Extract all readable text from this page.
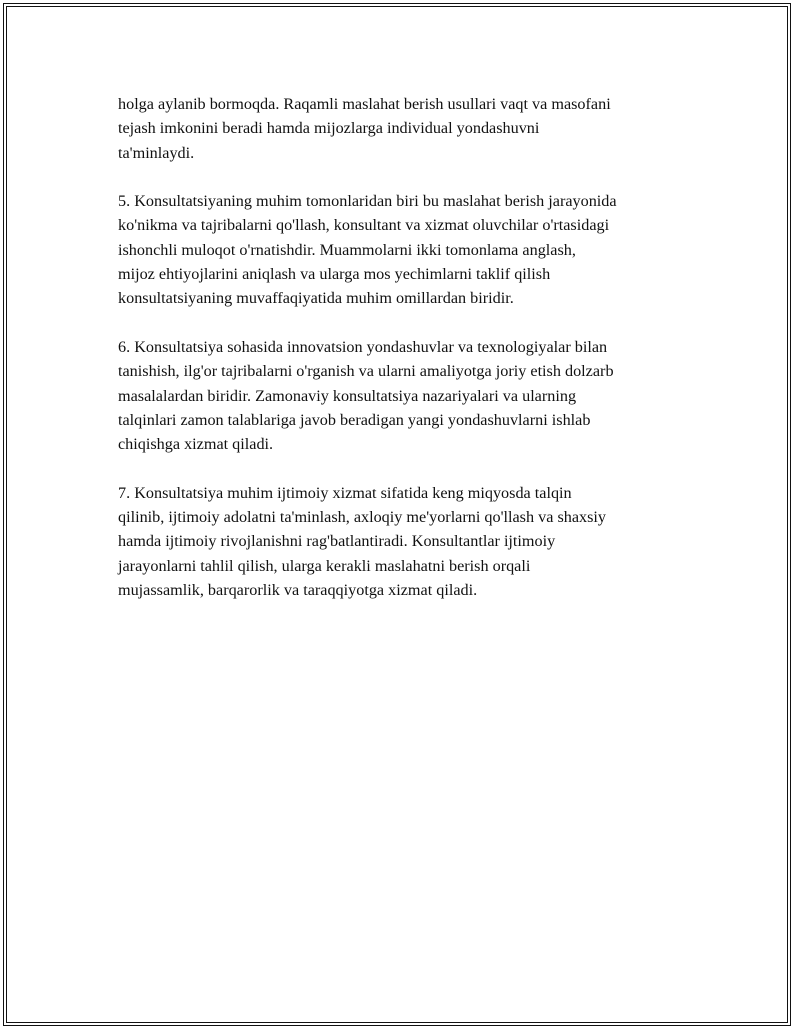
holga aylanib bormoqda. Raqamli maslahat berish usullari vaqt va masofani
tejash imkonini beradi hamda mijozlarga individual yondashuvni
ta'minlaydi.

5. Konsultatsiyaning muhim tomonlaridan biri bu maslahat berish jarayonida
ko'nikma va tajribalarni qo'llash, konsultant va xizmat oluvchilar o'rtasidagi
ishonchli muloqot o'rnatishdir. Muammolarni ikki tomonlama anglash,
mijoz ehtiyojlarini aniqlash va ularga mos yechimlarni taklif qilish
konsultatsiyaning muvaffaqiyatida muhim omillardan biridir.

6. Konsultatsiya sohasida innovatsion yondashuvlar va texnologiyalar bilan
tanishish, ilg'or tajribalarni o'rganish va ularni amaliyotga joriy etish dolzarb
masalalardan biridir. Zamonaviy konsultatsiya nazariyalari va ularning
talqinlari zamon talablariga javob beradigan yangi yondashuvlarni ishlab
chiqishga xizmat qiladi.

7. Konsultatsiya muhim ijtimoiy xizmat sifatida keng miqyosda talqin
qilinib, ijtimoiy adolatni ta'minlash, axloqiy me'yorlarni qo'llash va shaxsiy
hamda ijtimoiy rivojlanishni rag'batlantiradi. Konsultantlar ijtimoiy
jarayonlarni tahlil qilish, ularga kerakli maslahatni berish orqali
mujassamlik, barqarorlik va taraqqiyotga xizmat qiladi.
